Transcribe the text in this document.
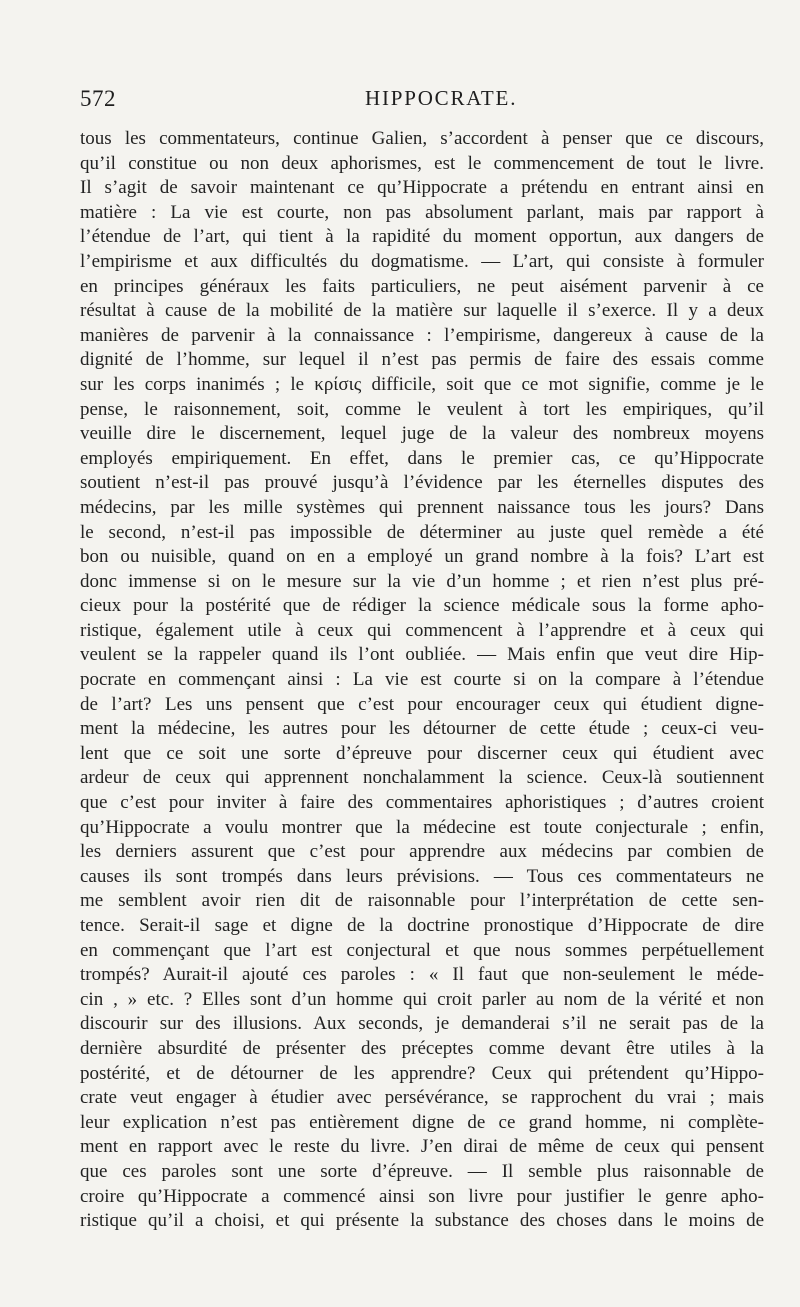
572	HIPPOCRATE.
tous les commentateurs, continue Galien, s’accordent à penser que ce discours,
qu’il constitue ou non deux aphorismes, est le commencement de tout le livre.
Il s’agit de savoir maintenant ce qu’Hippocrate a prétendu en entrant ainsi en
matière : La vie est courte, non pas absolument parlant, mais par rapport à
l’étendue de l’art, qui tient à la rapidité du moment opportun, aux dangers de
l’empirisme et aux difficultés du dogmatisme. — L’art, qui consiste à formuler
en principes généraux les faits particuliers, ne peut aisément parvenir à ce
résultat à cause de la mobilité de la matière sur laquelle il s’exerce. Il y a deux
manières de parvenir à la connaissance : l’empirisme, dangereux à cause de la
dignité de l’homme, sur lequel il n’est pas permis de faire des essais comme
sur les corps inanimés ; le κρίσις difficile, soit que ce mot signifie, comme je le
pense, le raisonnement, soit, comme le veulent à tort les empiriques, qu’il
veuille dire le discernement, lequel juge de la valeur des nombreux moyens
employés empiriquement. En effet, dans le premier cas, ce qu’Hippocrate
soutient n’est-il pas prouvé jusqu’à l’évidence par les éternelles disputes des
médecins, par les mille systèmes qui prennent naissance tous les jours? Dans
le second, n’est-il pas impossible de déterminer au juste quel remède a été
bon ou nuisible, quand on en a employé un grand nombre à la fois? L’art est
donc immense si on le mesure sur la vie d’un homme ; et rien n’est plus pré-
cieux pour la postérité que de rédiger la science médicale sous la forme apho-
ristique, également utile à ceux qui commencent à l’apprendre et à ceux qui
veulent se la rappeler quand ils l’ont oubliée. — Mais enfin que veut dire Hip-
pocrate en commençant ainsi : La vie est courte si on la compare à l’étendue
de l’art? Les uns pensent que c’est pour encourager ceux qui étudient digne-
ment la médecine, les autres pour les détourner de cette étude ; ceux-ci veu-
lent que ce soit une sorte d’épreuve pour discerner ceux qui étudient avec
ardeur de ceux qui apprennent nonchalamment la science. Ceux-là soutiennent
que c’est pour inviter à faire des commentaires aphoristiques ; d’autres croient
qu’Hippocrate a voulu montrer que la médecine est toute conjecturale ; enfin,
les derniers assurent que c’est pour apprendre aux médecins par combien de
causes ils sont trompés dans leurs prévisions. — Tous ces commentateurs ne
me semblent avoir rien dit de raisonnable pour l’interprétation de cette sen-
tence. Serait-il sage et digne de la doctrine pronostique d’Hippocrate de dire
en commençant que l’art est conjectural et que nous sommes perpétuellement
trompés? Aurait-il ajouté ces paroles : « Il faut que non-seulement le méde-
cin , » etc. ? Elles sont d’un homme qui croit parler au nom de la vérité et non
discourir sur des illusions. Aux seconds, je demanderai s’il ne serait pas de la
dernière absurdité de présenter des préceptes comme devant être utiles à la
postérité, et de détourner de les apprendre? Ceux qui prétendent qu’Hippo-
crate veut engager à étudier avec persévérance, se rapprochent du vrai ; mais
leur explication n’est pas entièrement digne de ce grand homme, ni complète-
ment en rapport avec le reste du livre. J’en dirai de même de ceux qui pensent
que ces paroles sont une sorte d’épreuve. — Il semble plus raisonnable de
croire qu’Hippocrate a commencé ainsi son livre pour justifier le genre apho-
ristique qu’il a choisi, et qui présente la substance des choses dans le moins de
